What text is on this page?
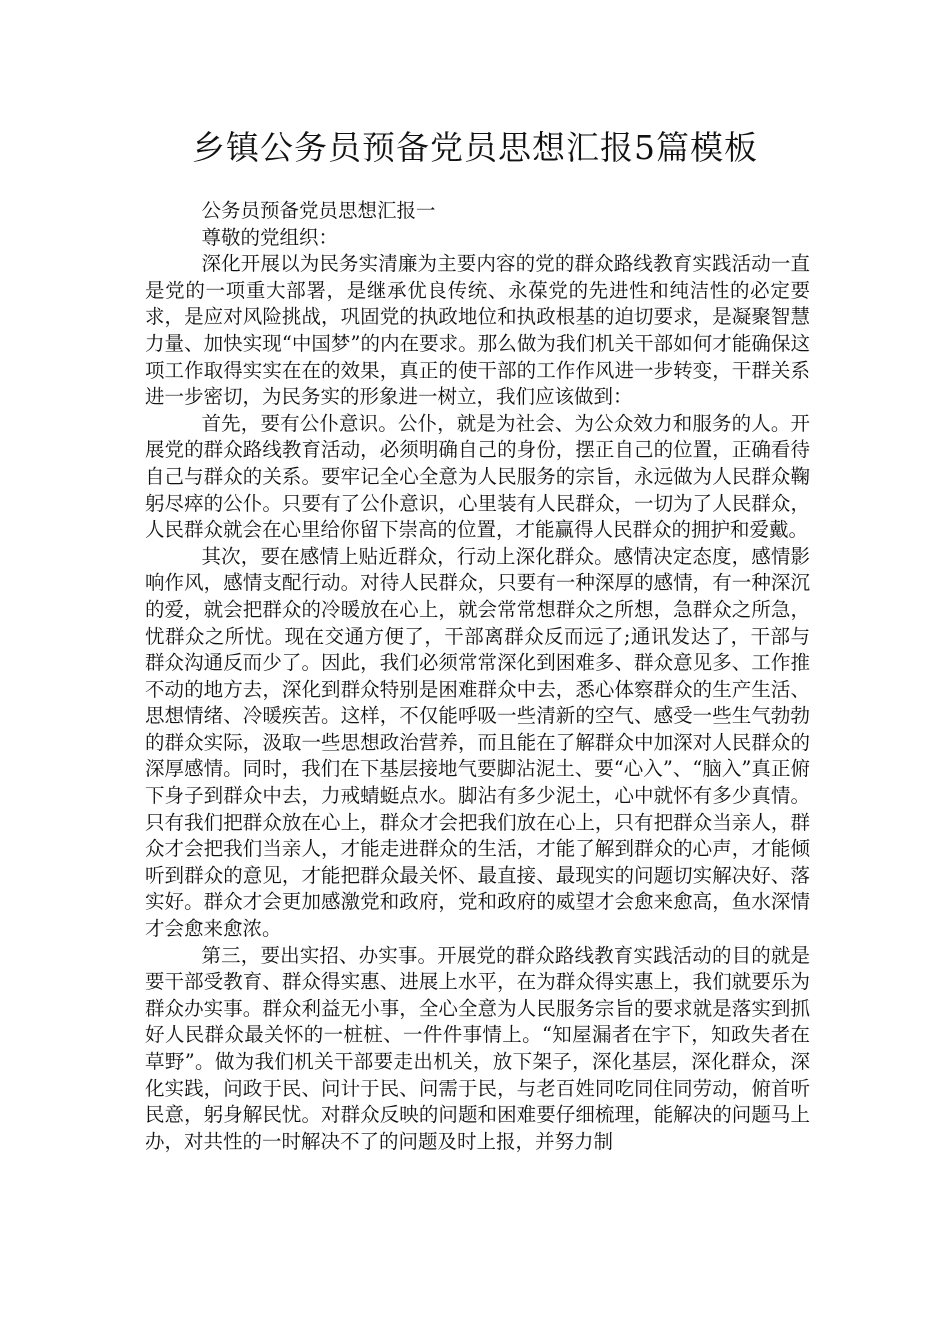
乡镇公务员预备党员思想汇报5篇模板

公务员预备党员思想汇报一

尊敬的党组织：

深化开展以为民务实清廉为主要内容的党的群众路线教育实践活动一直是党的一项重大部署，是继承优良传统、永葆党的先进性和纯洁性的必定要求，是应对风险挑战，巩固党的执政地位和执政根基的迫切要求，是凝聚智慧力量、加快实现“中国梦”的内在要求。那么做为我们机关干部如何才能确保这项工作取得实实在在的效果，真正的使干部的工作作风进一步转变，干群关系进一步密切，为民务实的形象进一树立，我们应该做到：

首先，要有公仆意识。公仆，就是为社会、为公众效力和服务的人。开展党的群众路线教育活动，必须明确自己的身份，摆正自己的位置，正确看待自己与群众的关系。要牢记全心全意为人民服务的宗旨，永远做为人民群众鞠躬尽瘁的公仆。只要有了公仆意识，心里装有人民群众，一切为了人民群众，人民群众就会在心里给你留下崇高的位置，才能赢得人民群众的拥护和爱戴。

其次，要在感情上贴近群众，行动上深化群众。感情决定态度，感情影响作风，感情支配行动。对待人民群众，只要有一种深厚的感情，有一种深沉的爱，就会把群众的冷暖放在心上，就会常常想群众之所想，急群众之所急，忧群众之所忧。现在交通方便了，干部离群众反而远了;通讯发达了，干部与群众沟通反而少了。因此，我们必须常常深化到困难多、群众意见多、工作推不动的地方去，深化到群众特别是困难群众中去，悉心体察群众的生产生活、思想情绪、冷暖疾苦。这样，不仅能呼吸一些清新的空气、感受一些生气勃勃的群众实际，汲取一些思想政治营养，而且能在了解群众中加深对人民群众的深厚感情。同时，我们在下基层接地气要脚沾泥土、要“心入”、“脑入”真正俯下身子到群众中去，力戒蜻蜓点水。脚沾有多少泥土，心中就怀有多少真情。只有我们把群众放在心上，群众才会把我们放在心上，只有把群众当亲人，群众才会把我们当亲人，才能走进群众的生活，才能了解到群众的心声，才能倾听到群众的意见，才能把群众最关怀、最直接、最现实的问题切实解决好、落实好。群众才会更加感激党和政府，党和政府的威望才会愈来愈高，鱼水深情才会愈来愈浓。

第三，要出实招、办实事。开展党的群众路线教育实践活动的目的就是要干部受教育、群众得实惠、进展上水平，在为群众得实惠上，我们就要乐为群众办实事。群众利益无小事，全心全意为人民服务宗旨的要求就是落实到抓好人民群众最关怀的一桩桩、一件件事情上。“知屋漏者在宇下，知政失者在草野”。做为我们机关干部要走出机关，放下架子，深化基层，深化群众，深化实践，问政于民、问计于民、问需于民，与老百姓同吃同住同劳动，俯首听民意，躬身解民忧。对群众反映的问题和困难要仔细梳理，能解决的问题马上办，对共性的一时解决不了的问题及时上报，并努力制
